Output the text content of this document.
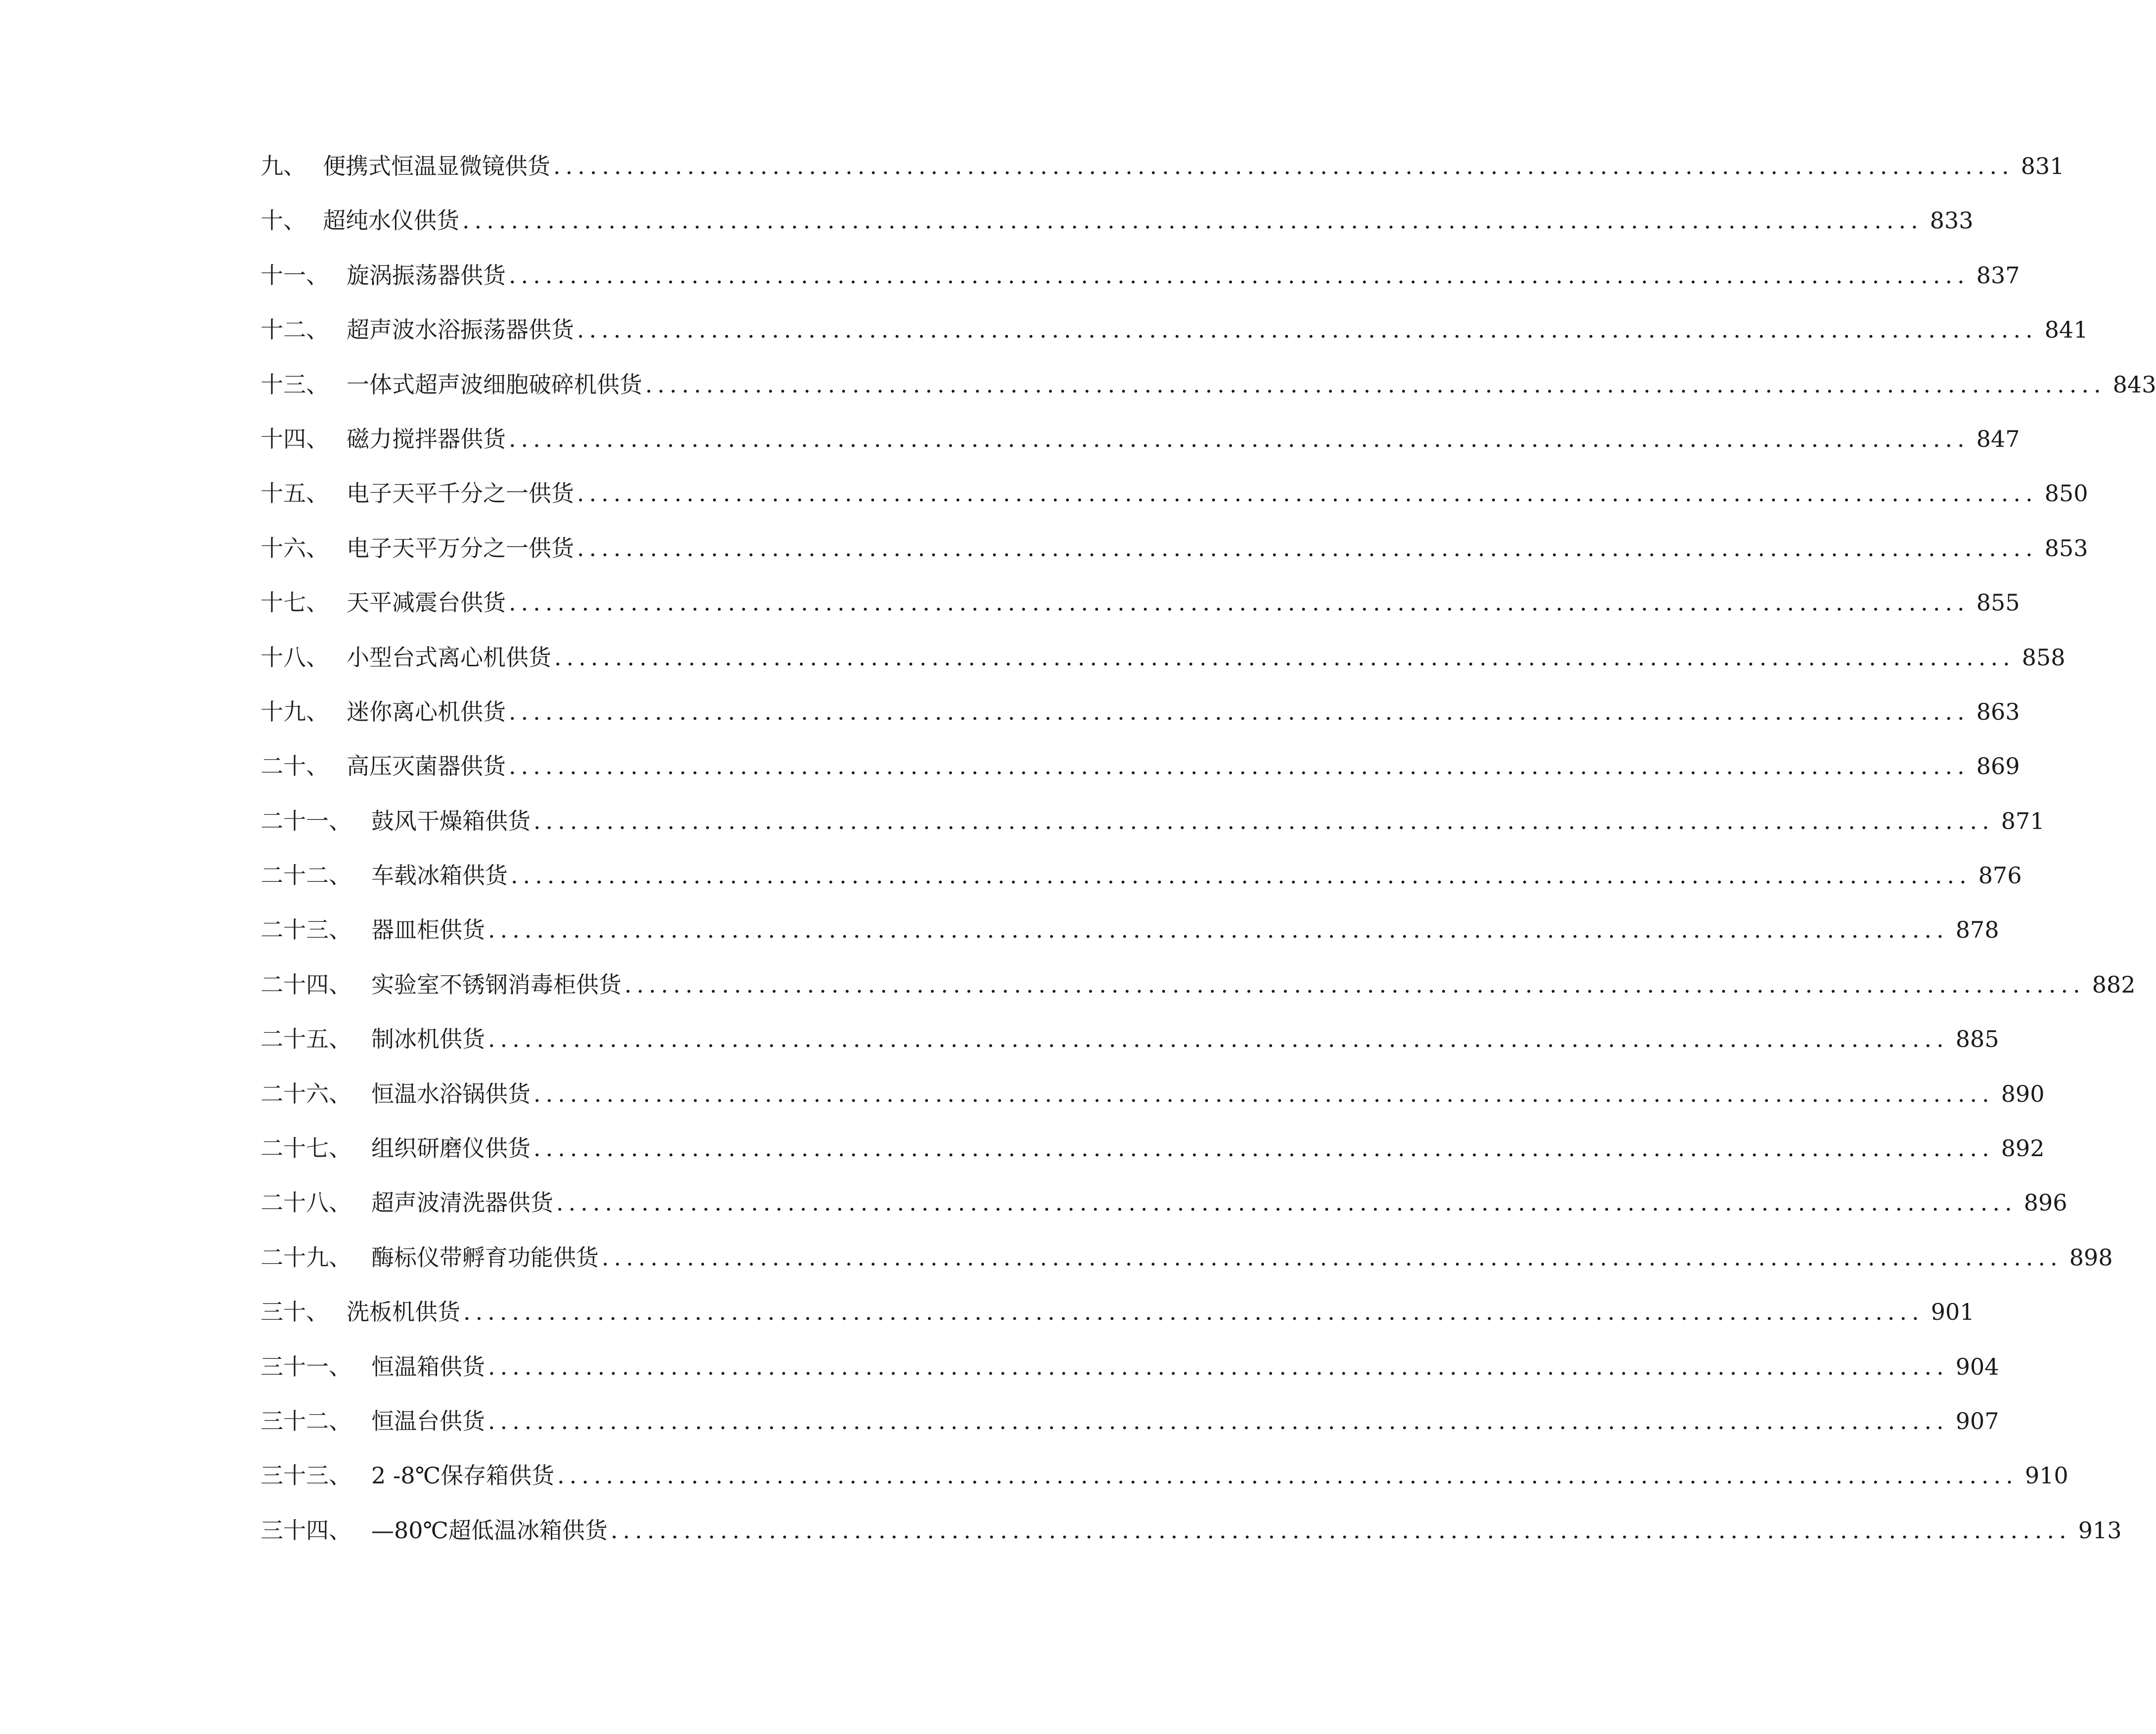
九、 便携式恒温显微镜供货 ........................................................................................................................ 831
十、 超纯水仪供货 ........................................................................................................................ 833
十一、 旋涡振荡器供货 ........................................................................................................................ 837
十二、 超声波水浴振荡器供货 ........................................................................................................................ 841
十三、 一体式超声波细胞破碎机供货 ........................................................................................................................ 843
十四、 磁力搅拌器供货 ........................................................................................................................ 847
十五、 电子天平千分之一供货 ........................................................................................................................ 850
十六、 电子天平万分之一供货 ........................................................................................................................ 853
十七、 天平减震台供货 ........................................................................................................................ 855
十八、 小型台式离心机供货 ........................................................................................................................ 858
十九、 迷你离心机供货 ........................................................................................................................ 863
二十、 高压灭菌器供货 ........................................................................................................................ 869
二十一、 鼓风干燥箱供货 ........................................................................................................................ 871
二十二、 车载冰箱供货 ........................................................................................................................ 876
二十三、 器皿柜供货 ........................................................................................................................ 878
二十四、 实验室不锈钢消毒柜供货 ........................................................................................................................ 882
二十五、 制冰机供货 ........................................................................................................................ 885
二十六、 恒温水浴锅供货 ........................................................................................................................ 890
二十七、 组织研磨仪供货 ........................................................................................................................ 892
二十八、 超声波清洗器供货 ........................................................................................................................ 896
二十九、 酶标仪带孵育功能供货 ........................................................................................................................ 898
三十、 洗板机供货 ........................................................................................................................ 901
三十一、 恒温箱供货 ........................................................................................................................ 904
三十二、 恒温台供货 ........................................................................................................................ 907
三十三、 2 -8℃保存箱供货 ........................................................................................................................ 910
三十四、 —80℃超低温冰箱供货 ........................................................................................................................ 913
